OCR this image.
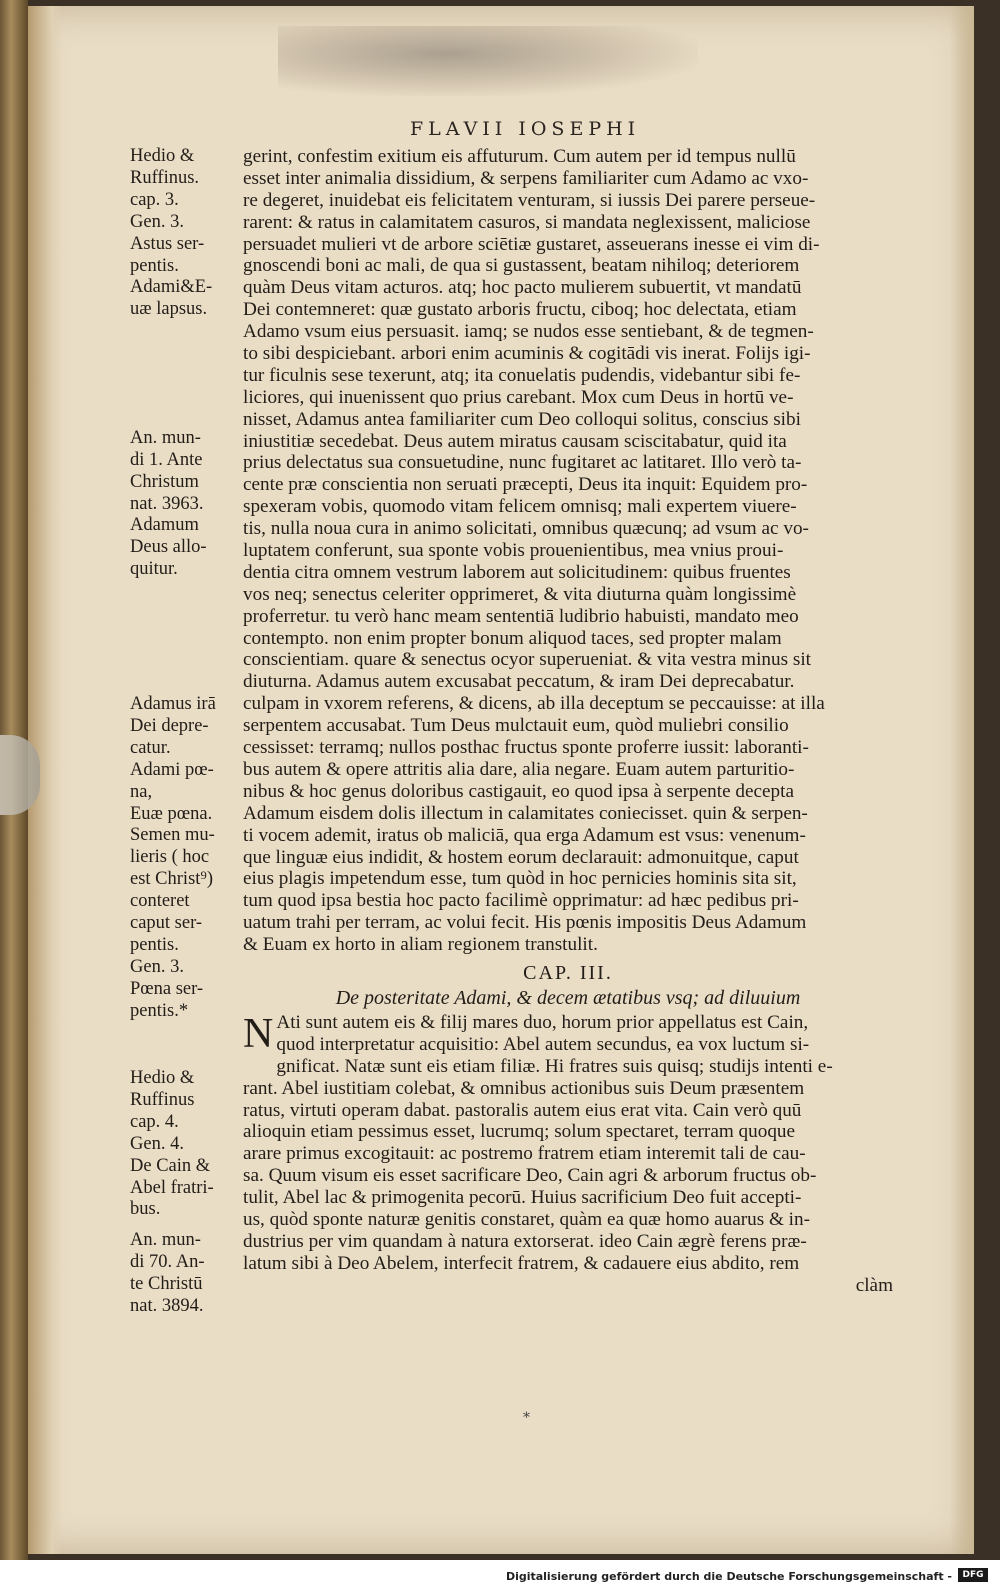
FLAVII IOSEPHI
Hedio &
Ruffinus.
cap. 3.
Gen. 3.
Astus ser-
pentis.
Adami&E-
uæ lapsus.
An. mun-
di 1. Ante
Christum
nat. 3963.
Adamum
Deus allo-
quitur.
Adamus irā
Dei depre-
catur.
Adami pœ-
na,
Euæ pœna.
Semen mu-
lieris ( hoc
est Christ⁹)
conteret
caput ser-
pentis.
Gen. 3.
Pœna ser-
pentis.*
Hedio &
Ruffinus
cap. 4.
Gen. 4.
De Cain &
Abel fratri-
bus.
An. mun-
di 70. An-
te Christū
nat. 3894.
gerint, confestim exitium eis affuturum. Cum autem per id tempus nullū
esset inter animalia dissidium, & serpens familiariter cum Adamo ac vxo-
re degeret, inuidebat eis felicitatem venturam, si iussis Dei parere perseue-
rarent: & ratus in calamitatem casuros, si mandata neglexissent, maliciose
persuadet mulieri vt de arbore sciētiæ gustaret, asseuerans inesse ei vim di-
gnoscendi boni ac mali, de qua si gustassent, beatam nihiloq; deteriorem
quàm Deus vitam acturos. atq; hoc pacto mulierem subuertit, vt mandatū
Dei contemneret: quæ gustato arboris fructu, ciboq; hoc delectata, etiam
Adamo vsum eius persuasit. iamq; se nudos esse sentiebant, & de tegmen-
to sibi despiciebant. arbori enim acuminis & cogitādi vis inerat. Folijs igi-
tur ficulnis sese texerunt, atq; ita conuelatis pudendis, videbantur sibi fe-
liciores, qui inuenissent quo prius carebant. Mox cum Deus in hortū ve-
nisset, Adamus antea familiariter cum Deo colloqui solitus, conscius sibi
iniustitiæ secedebat. Deus autem miratus causam sciscitabatur, quid ita
prius delectatus sua consuetudine, nunc fugitaret ac latitaret. Illo verò ta-
cente præ conscientia non seruati præcepti, Deus ita inquit: Equidem pro-
spexeram vobis, quomodo vitam felicem omnisq; mali expertem viuere-
tis, nulla noua cura in animo solicitati, omnibus quæcunq; ad vsum ac vo-
luptatem conferunt, sua sponte vobis prouenientibus, mea vnius proui-
dentia citra omnem vestrum laborem aut solicitudinem: quibus fruentes
vos neq; senectus celeriter opprimeret, & vita diuturna quàm longissimè
proferretur. tu verò hanc meam sententiā ludibrio habuisti, mandato meo
contempto. non enim propter bonum aliquod taces, sed propter malam
conscientiam. quare & senectus ocyor superueniat. & vita vestra minus sit
diuturna. Adamus autem excusabat peccatum, & iram Dei deprecabatur.
culpam in vxorem referens, & dicens, ab illa deceptum se peccauisse: at illa
serpentem accusabat. Tum Deus mulctauit eum, quòd muliebri consilio
cessisset: terramq; nullos posthac fructus sponte proferre iussit: laboranti-
bus autem & opere attritis alia dare, alia negare. Euam autem parturitio-
nibus & hoc genus doloribus castigauit, eo quod ipsa à serpente decepta
Adamum eisdem dolis illectum in calamitates coniecisset. quin & serpen-
ti vocem ademit, iratus ob maliciā, qua erga Adamum est vsus: venenum-
que linguæ eius indidit, & hostem eorum declarauit: admonuitque, caput
eius plagis impetendum esse, tum quòd in hoc pernicies hominis sita sit,
tum quod ipsa bestia hoc pacto facilimè opprimatur: ad hæc pedibus pri-
uatum trahi per terram, ac volui fecit. His pœnis impositis Deus Adamum
& Euam ex horto in aliam regionem transtulit.
CAP. III.
De posteritate Adami, & decem ætatibus vsq; ad diluuium
N Ati sunt autem eis & filij mares duo, horum prior appellatus est Cain,
quod interpretatur acquisitio: Abel autem secundus, ea vox luctum si-
gnificat. Natæ sunt eis etiam filiæ. Hi fratres suis quisq; studijs intenti e-
rant. Abel iustitiam colebat, & omnibus actionibus suis Deum præsentem
ratus, virtuti operam dabat. pastoralis autem eius erat vita. Cain verò quū
alioquin etiam pessimus esset, lucrumq; solum spectaret, terram quoque
arare primus excogitauit: ac postremo fratrem etiam interemit tali de cau-
sa. Quum visum eis esset sacrificare Deo, Cain agri & arborum fructus ob-
tulit, Abel lac & primogenita pecorū. Huius sacrificium Deo fuit accepti-
us, quòd sponte naturæ genitis constaret, quàm ea quæ homo auarus & in-
dustrius per vim quandam à natura extorserat. ideo Cain ægrè ferens præ-
latum sibi à Deo Abelem, interfecit fratrem, & cadauere eius abdito, rem
clàm
*
Digitalisierung gefördert durch die Deutsche Forschungsgemeinschaft -	DFG
